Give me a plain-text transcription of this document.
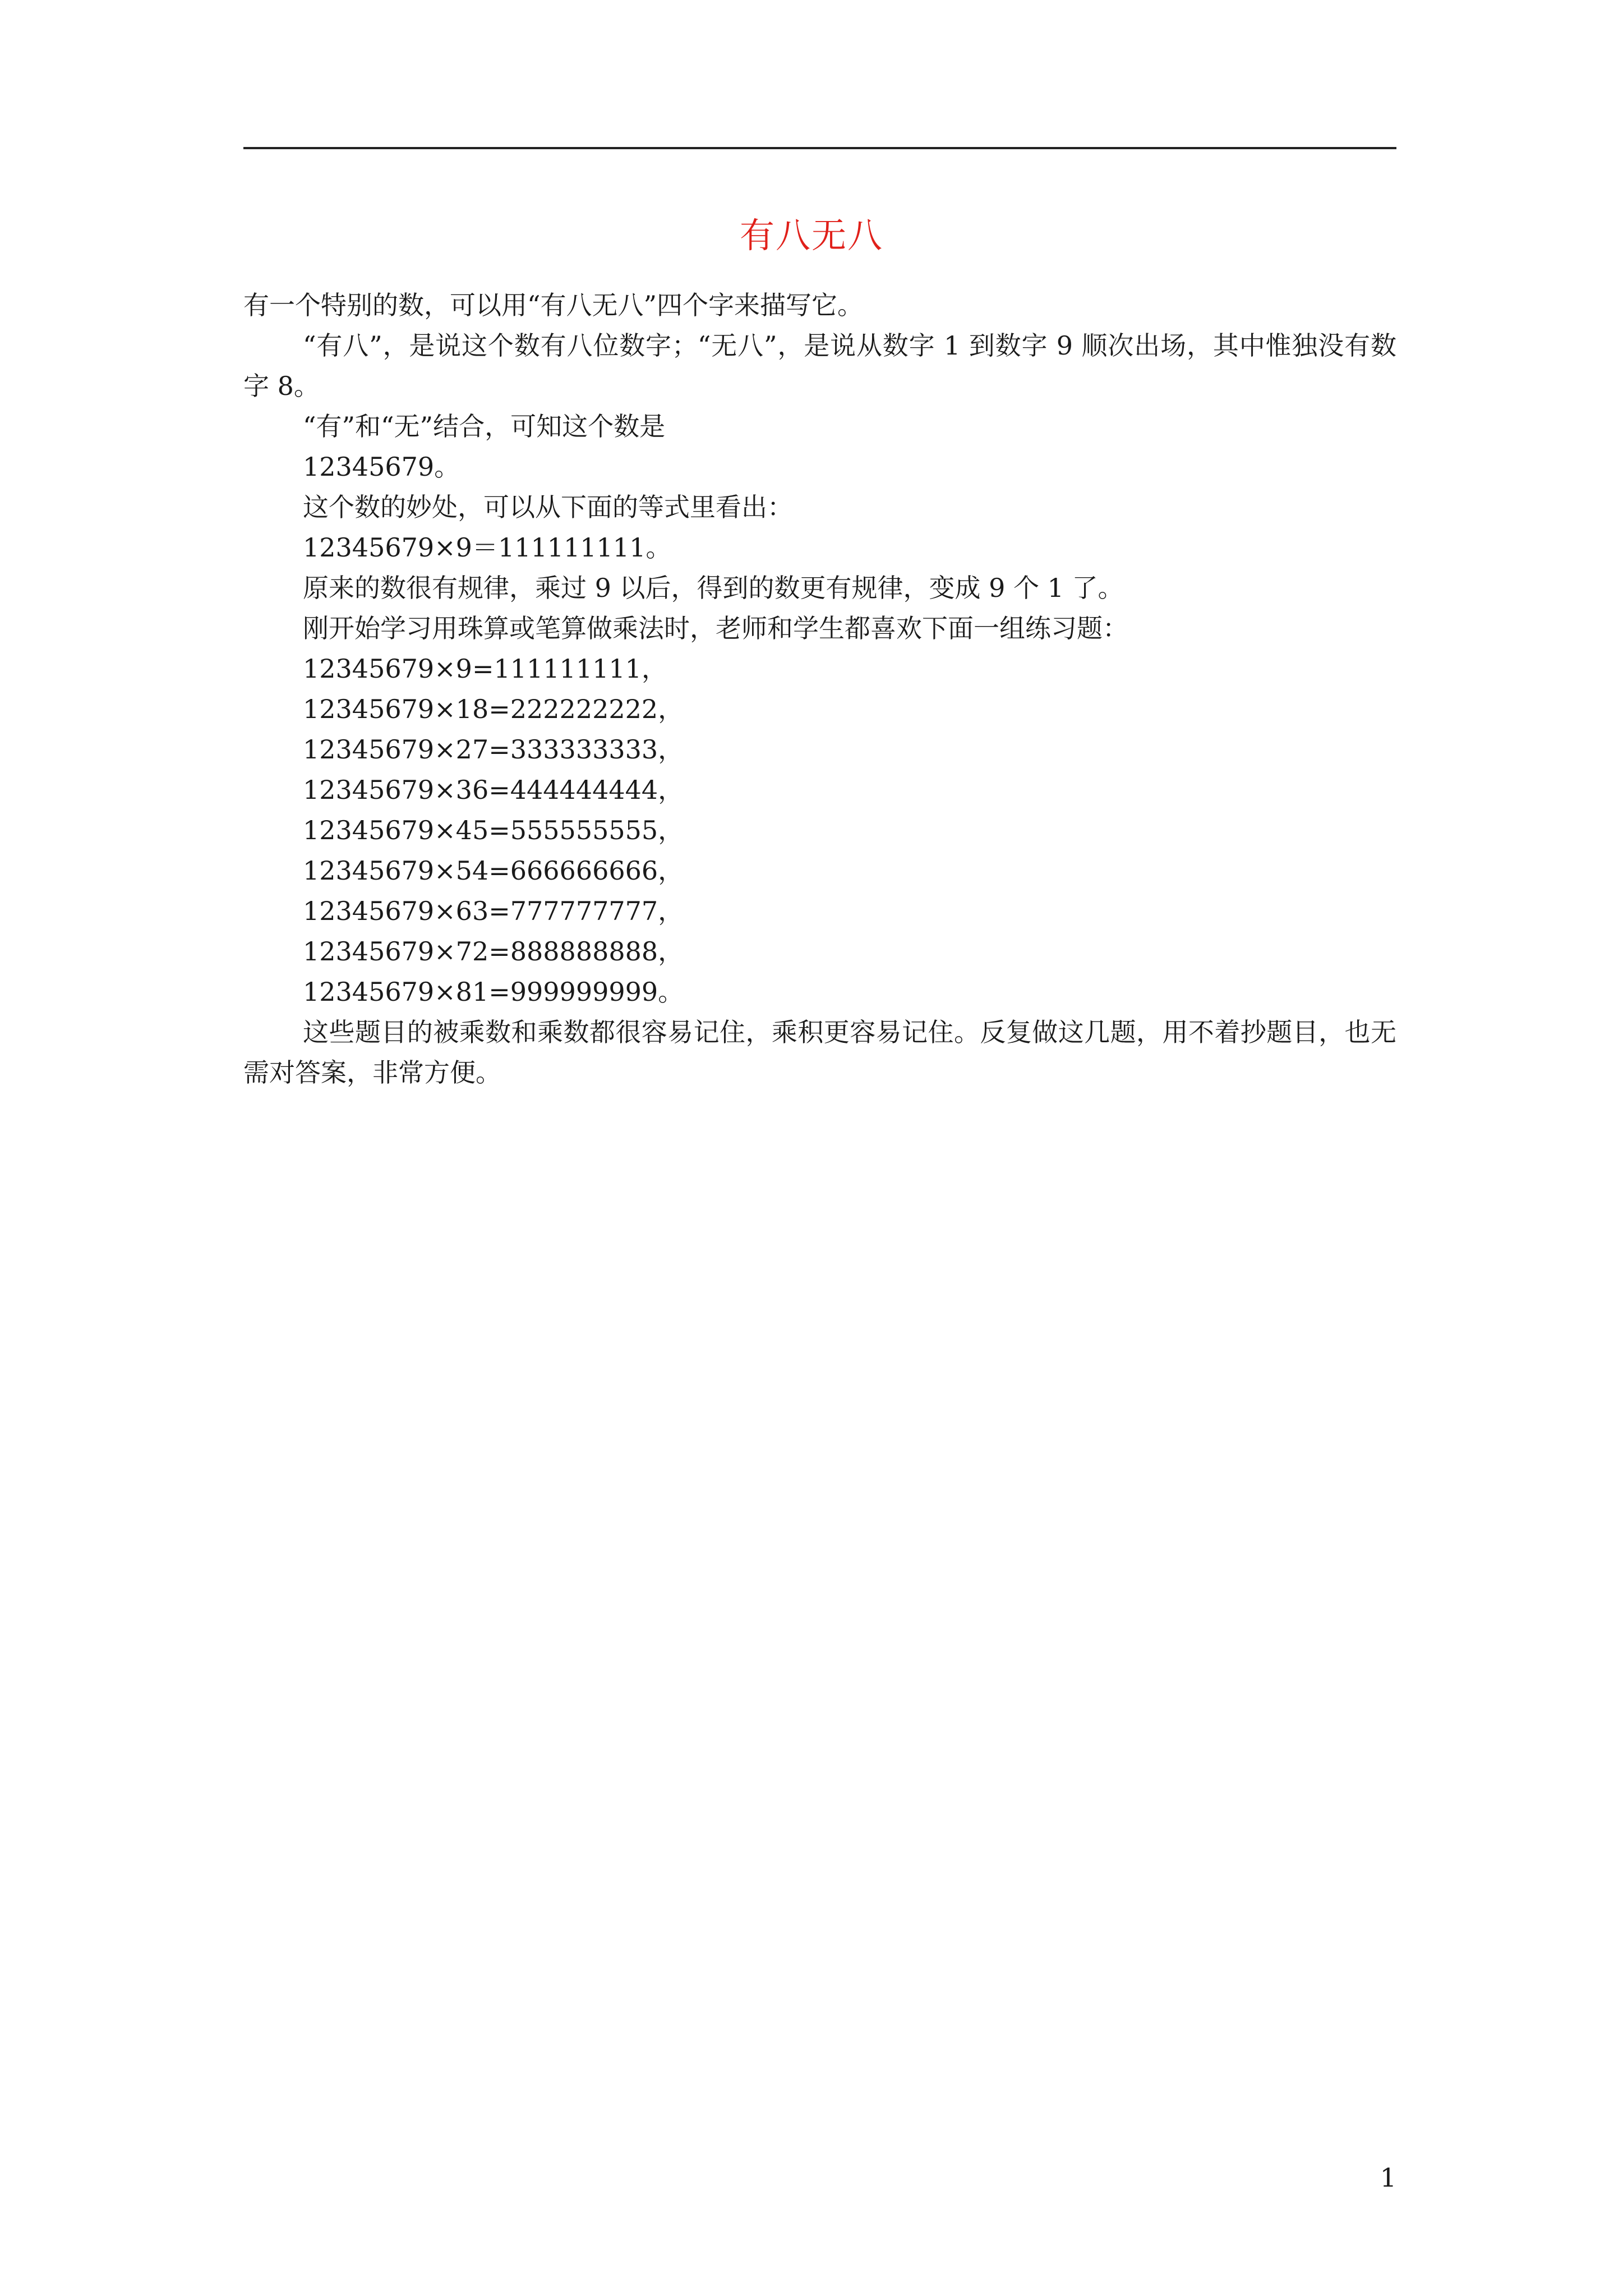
有八无八

有一个特别的数，可以用“有八无八”四个字来描写它。

“有八”，是说这个数有八位数字；“无八”，是说从数字 1 到数字 9 顺次出场，其中惟独没有数字 8。

“有”和“无”结合，可知这个数是

12345679。

这个数的妙处，可以从下面的等式里看出：

12345679×9＝111111111。

原来的数很有规律，乘过 9 以后，得到的数更有规律，变成 9 个 1 了。

刚开始学习用珠算或笔算做乘法时，老师和学生都喜欢下面一组练习题：

12345679×9=111111111，

12345679×18=222222222，

12345679×27=333333333，

12345679×36=444444444，

12345679×45=555555555，

12345679×54=666666666，

12345679×63=777777777，

12345679×72=888888888，

12345679×81=999999999。

这些题目的被乘数和乘数都很容易记住，乘积更容易记住。反复做这几题，用不着抄题目，也无需对答案，非常方便。

1
